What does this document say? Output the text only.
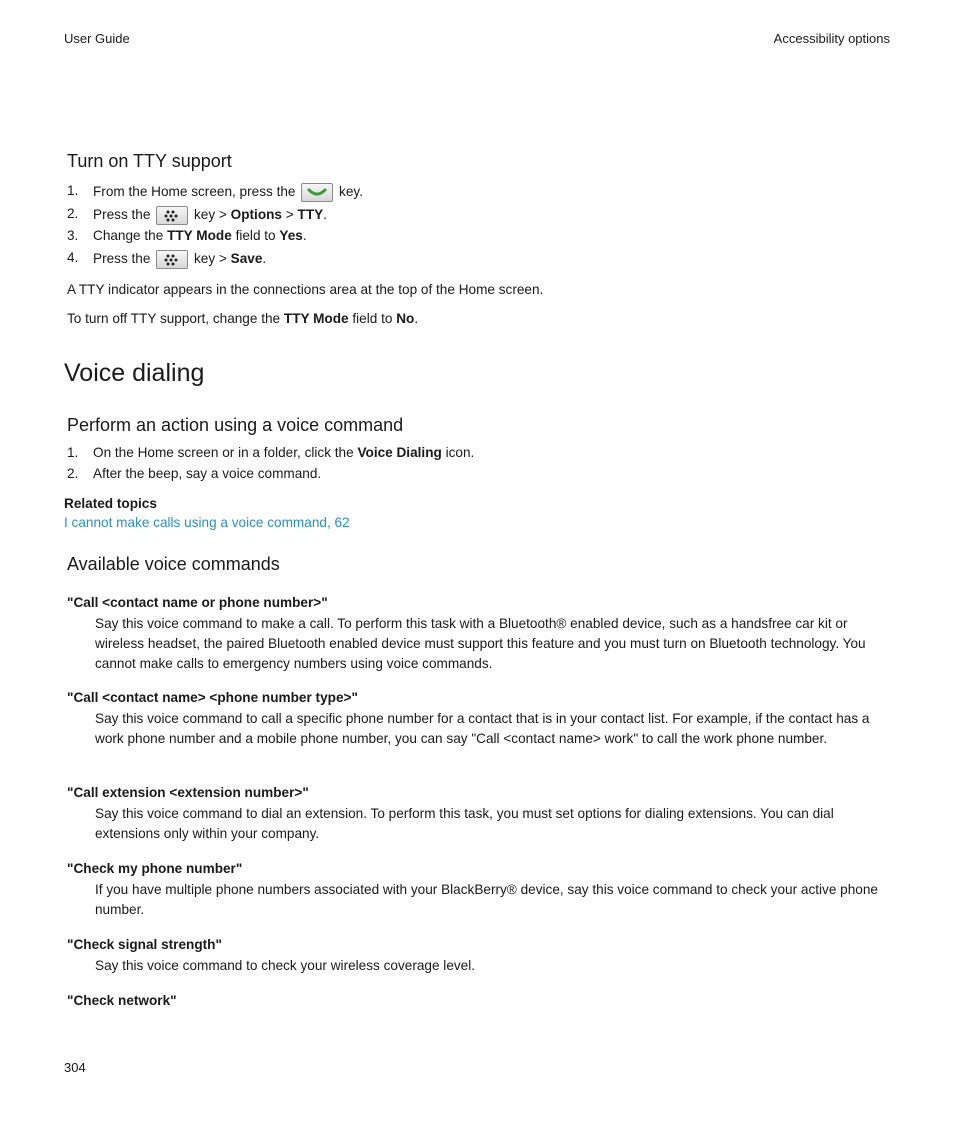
User Guide	Accessibility options
Turn on TTY support
1. From the Home screen, press the	key.
2. Press the	key > Options > TTY.
3. Change the TTY Mode field to Yes.
4. Press the	key > Save.
A TTY indicator appears in the connections area at the top of the Home screen.
To turn off TTY support, change the TTY Mode field to No.
Voice dialing
Perform an action using a voice command
1. On the Home screen or in a folder, click the Voice Dialing icon.
2. After the beep, say a voice command.
Related topics
I cannot make calls using a voice command, 62
Available voice commands
"Call <contact name or phone number>"
Say this voice command to make a call. To perform this task with a Bluetooth® enabled device, such as a handsfree car kit or wireless headset, the paired Bluetooth enabled device must support this feature and you must turn on Bluetooth technology. You cannot make calls to emergency numbers using voice commands.
"Call <contact name> <phone number type>"
Say this voice command to call a specific phone number for a contact that is in your contact list. For example, if the contact has a work phone number and a mobile phone number, you can say "Call <contact name> work" to call the work phone number.
"Call extension <extension number>"
Say this voice command to dial an extension. To perform this task, you must set options for dialing extensions. You can dial extensions only within your company.
"Check my phone number"
If you have multiple phone numbers associated with your BlackBerry® device, say this voice command to check your active phone number.
"Check signal strength"
Say this voice command to check your wireless coverage level.
"Check network"
304
